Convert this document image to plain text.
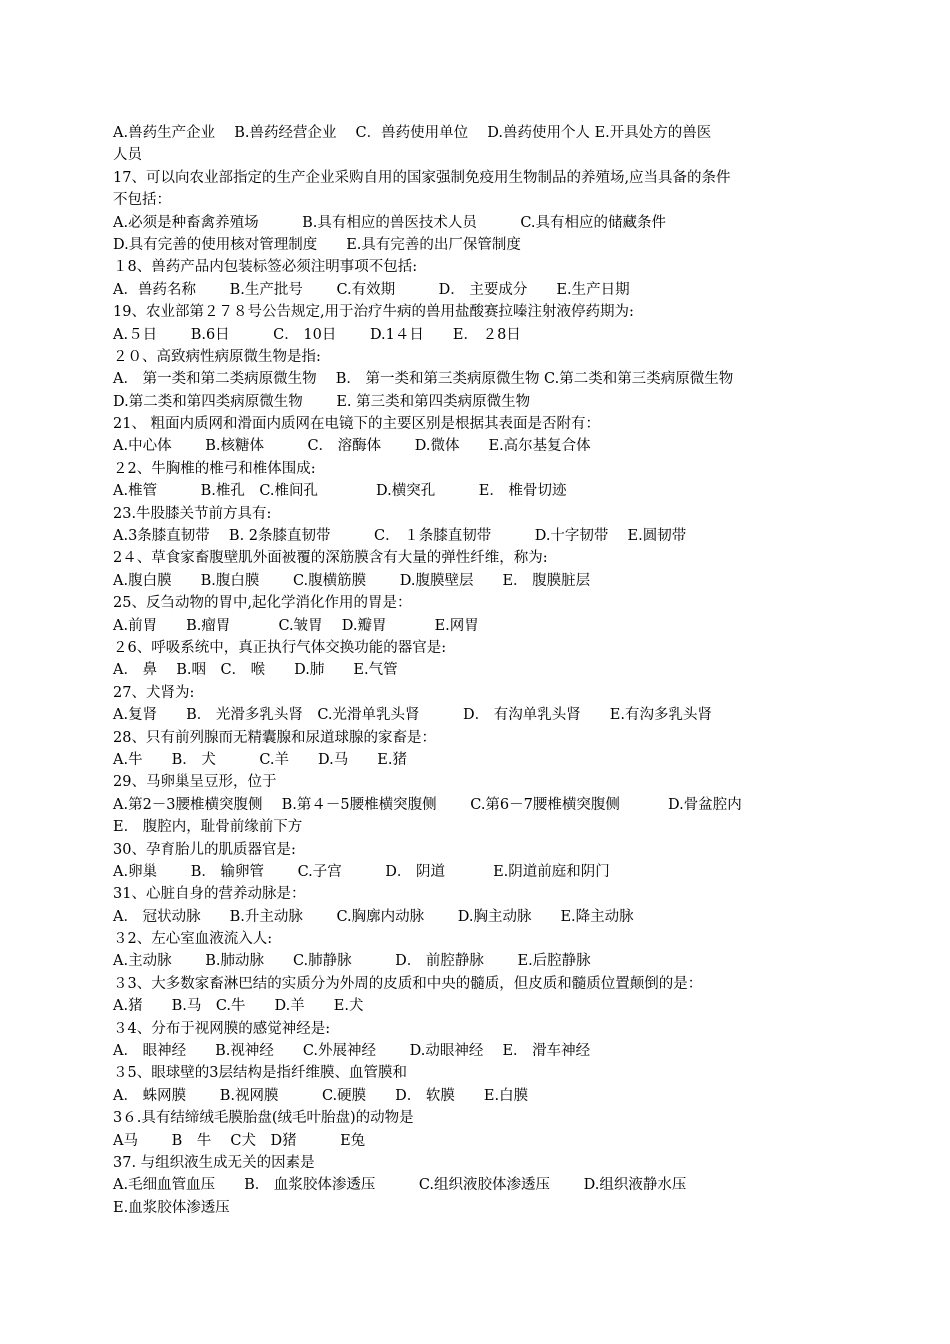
A.兽药生产企业　 B.兽药经营企业　 C．兽药使用单位　 D.兽药使用个人 E.开具处方的兽医
人员
17、可以向农业部指定的生产企业采购自用的国家强制免疫用生物制品的养殖场,应当具备的条件
不包括：
A.必须是种畜禽养殖场　　　B.具有相应的兽医技术人员　　　C.具有相应的储藏条件
D.具有完善的使用核对管理制度　　E.具有完善的出厂保管制度
１8、兽药产品内包装标签必须注明事项不包括:
A．兽药名称　　 B.生产批号　　 C.有效期　　　D． 主要成分　　E.生产日期
19、农业部第２７８号公告规定,用于治疗牛病的兽用盐酸赛拉嗪注射液停药期为:
A.５日　　 B.6日　　　C． 10日　　 D.1４日　　E． ２8日
２０、高致病性病原微生物是指:
A． 第一类和第二类病原微生物　 B． 第一类和第三类病原微生物 C.第二类和第三类病原微生物
D.第二类和第四类病原微生物　　 E. 第三类和第四类病原微生物
21、 粗面内质网和滑面内质网在电镜下的主要区别是根据其表面是否附有：
A.中心体　　 B.核糖体　　　C． 溶酶体　　 D.微体　　E.高尔基复合体
２2、牛胸椎的椎弓和椎体围成:
A.椎管　　　B.椎孔　C.椎间孔　　　　D.横突孔　　　E． 椎骨切迹
23.牛股膝关节前方具有:
A.3条膝直韧带　 B. 2条膝直韧带　　　C． １条膝直韧带　　　D.十字韧带　 E.圆韧带
2４、草食家畜腹壁肌外面被覆的深筋膜含有大量的弹性纤维，称为:
A.腹白膜　　B.腹白膜　　 C.腹横筋膜　　 D.腹膜壁层　　E． 腹膜脏层
25、反刍动物的胃中,起化学消化作用的胃是：
A.前胃　　B.瘤胃　　　 C.皱胃　 D.瓣胃　　　 E.网胃
２6、呼吸系统中，真正执行气体交换功能的器官是:
A． 鼻　 B.咽　C． 喉　　D.肺　　E.气管
27、犬肾为:
A.复肾　　B． 光滑多乳头肾　C.光滑单乳头肾　　　D． 有沟单乳头肾　　E.有沟多乳头肾
28、只有前列腺而无精囊腺和尿道球腺的家畜是：
A.牛　　B． 犬　　　C.羊　　D.马　　E.猪
29、马卵巢呈豆形，位于
A.第2－3腰椎横突腹侧　 B.第４－5腰椎横突腹侧　　 C.第6－7腰椎横突腹侧　　　 D.骨盆腔内
E． 腹腔内，耻骨前缘前下方
30、孕育胎儿的肌质器官是:
A.卵巢　　 B． 输卵管　　 C.子宫　　　D． 阴道　　　 E.阴道前庭和阴门
31、心脏自身的营养动脉是：
A． 冠状动脉　　B.升主动脉　　 C.胸廓内动脉　　 D.胸主动脉　　E.降主动脉
３2、左心室血液流入人:
A.主动脉　　 B.肺动脉　　C.肺静脉　　　D． 前腔静脉　　 E.后腔静脉
３3、大多数家畜淋巴结的实质分为外周的皮质和中央的髓质，但皮质和髓质位置颠倒的是：
A.猪　　B.马　C.牛　　D.羊　　E.犬
３4、分布于视网膜的感觉神经是:
A． 眼神经　　B.视神经　　C.外展神经　　 D.动眼神经　 E． 滑车神经
３5、眼球壁的3层结构是指纤维膜、血管膜和
A． 蛛网膜　　 B.视网膜　　　C.硬膜　　D． 软膜　　E.白膜
3６.具有结缔绒毛膜胎盘(绒毛叶胎盘)的动物是
A马　　 B　牛　 C犬　D猪　　　E兔
37. 与组织液生成无关的因素是
A.毛细血管血压　　B． 血浆胶体渗透压　　　C.组织液胶体渗透压　　 D.组织液静水压
E.血浆胶体渗透压
